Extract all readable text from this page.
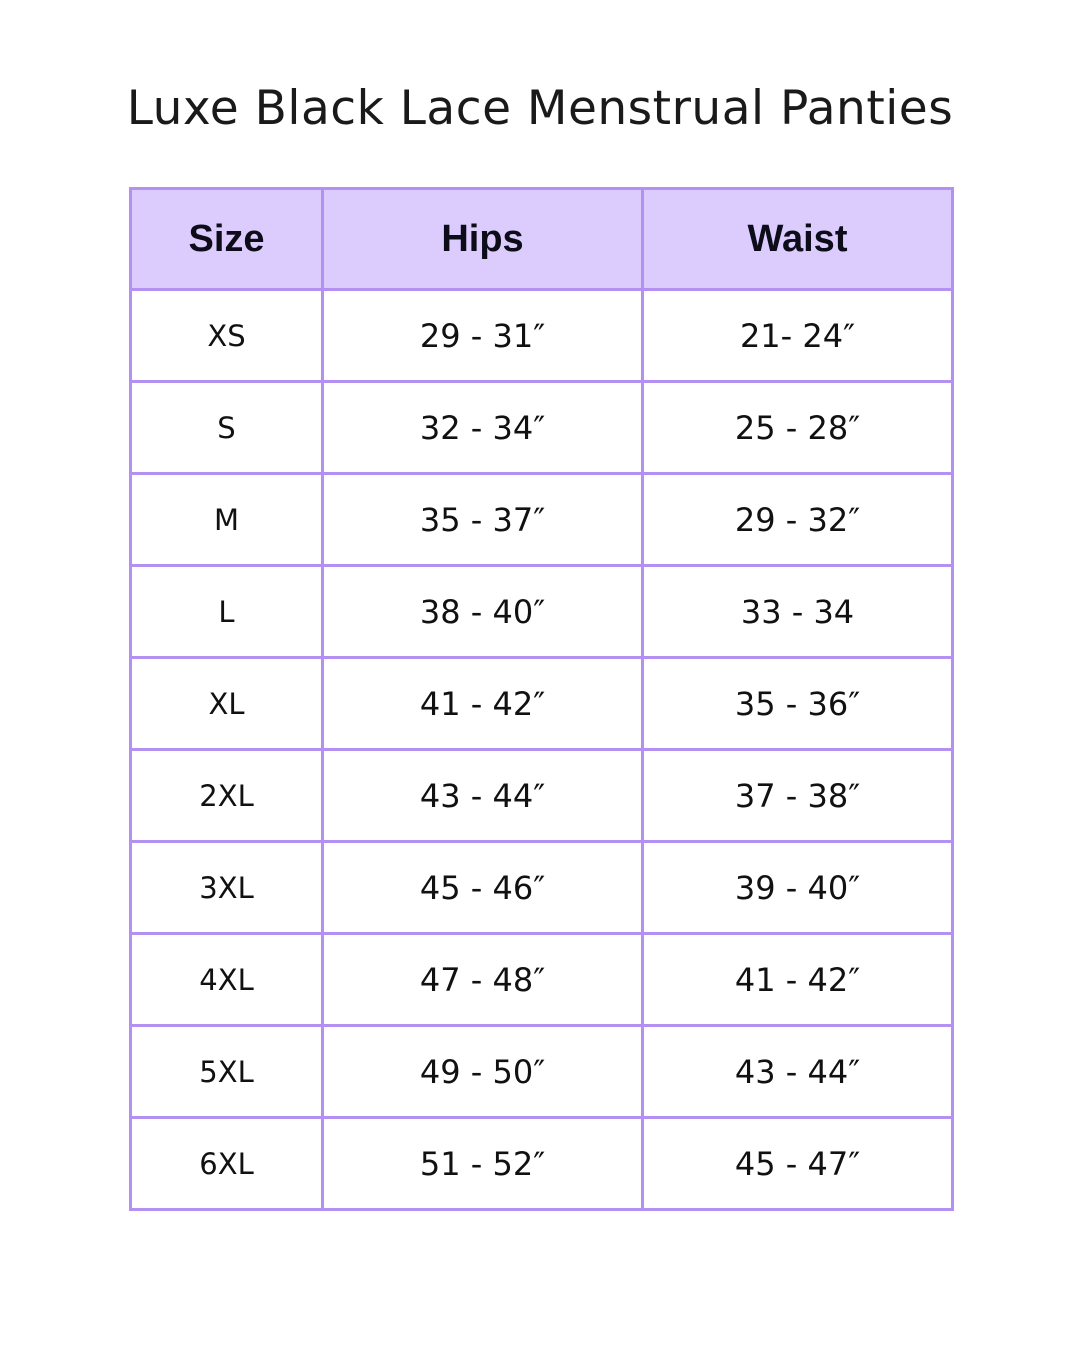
Luxe Black Lace Menstrual Panties
Size	Hips	Waist
XS	29 - 31″	21- 24″
S	32 - 34″	25 - 28″
M	35 - 37″	29 - 32″
L	38 - 40″	33 - 34
XL	41 - 42″	35 - 36″
2XL	43 - 44″	37 - 38″
3XL	45 - 46″	39 - 40″
4XL	47 - 48″	41 - 42″
5XL	49 - 50″	43 - 44″
6XL	51 - 52″	45 - 47″
